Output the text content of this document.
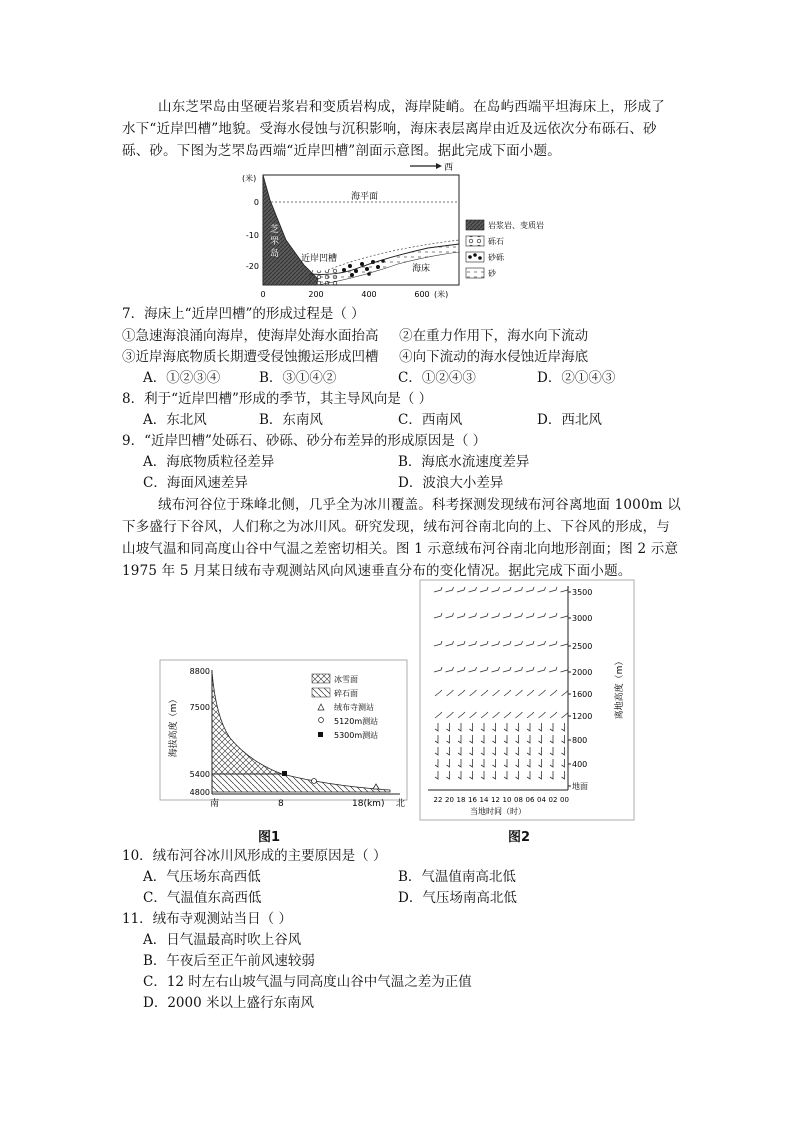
山东芝罘岛由坚硬岩浆岩和变质岩构成，海岸陡峭。在岛屿西端平坦海床上，形成了
水下“近岸凹槽”地貌。受海水侵蚀与沉积影响，海床表层离岸由近及远依次分布砾石、砂
砾、砂。下图为芝罘岛西端“近岸凹槽”剖面示意图。据此完成下面小题。
西
(米)
海平面
芝
罘
岛 近岸凹槽
海床
0
-10
-20
0	200	400	600 (米)
岩浆岩、变质岩
砾石
砂砾
砂
7．海床上“近岸凹槽”的形成过程是（ ）
①急速海浪涌向海岸，使海岸处海水面抬高 ②在重力作用下，海水向下流动
③近岸海底物质长期遭受侵蚀搬运形成凹槽 ④向下流动的海水侵蚀近岸海底
A．①②③④	B．③①④②	C．①②④③	D．②①④③
8．利于“近岸凹槽”形成的季节，其主导风向是（ ）
A．东北风	B．东南风	C．西南风	D．西北风
9．“近岸凹槽”处砾石、砂砾、砂分布差异的形成原因是（ ）
A．海底物质粒径差异	B．海底水流速度差异
C．海面风速差异	D．波浪大小差异
绒布河谷位于珠峰北侧，几乎全为冰川覆盖。科考探测发现绒布河谷离地面 1000m 以
下多盛行下谷风，人们称之为冰川风。研究发现，绒布河谷南北向的上、下谷风的形成，与
山坡气温和同高度山谷中气温之差密切相关。图 1 示意绒布河谷南北向地形剖面；图 2 示意
1975 年 5 月某日绒布寺观测站风向风速垂直分布的变化情况。据此完成下面小题。
海拔高度（m）
8800
7500
5400
4800
南	8	18(km) 北
冰雪面
碎石面
绒布寺测站
5120m测站
5300m测站
图1
3500
3000
2500
2000
1600
1200
800
400
地面
离地高度（m）
22 20 18 16 14 12 10 08 06 04 02 00
当地时间（时）
图2
10．绒布河谷冰川风形成的主要原因是（ ）
A．气压场东高西低	B．气温值南高北低
C．气温值东高西低	D．气压场南高北低
11．绒布寺观测站当日（ ）
A．日气温最高时吹上谷风
B．午夜后至正午前风速较弱
C．12 时左右山坡气温与同高度山谷中气温之差为正值
D．2000 米以上盛行东南风
